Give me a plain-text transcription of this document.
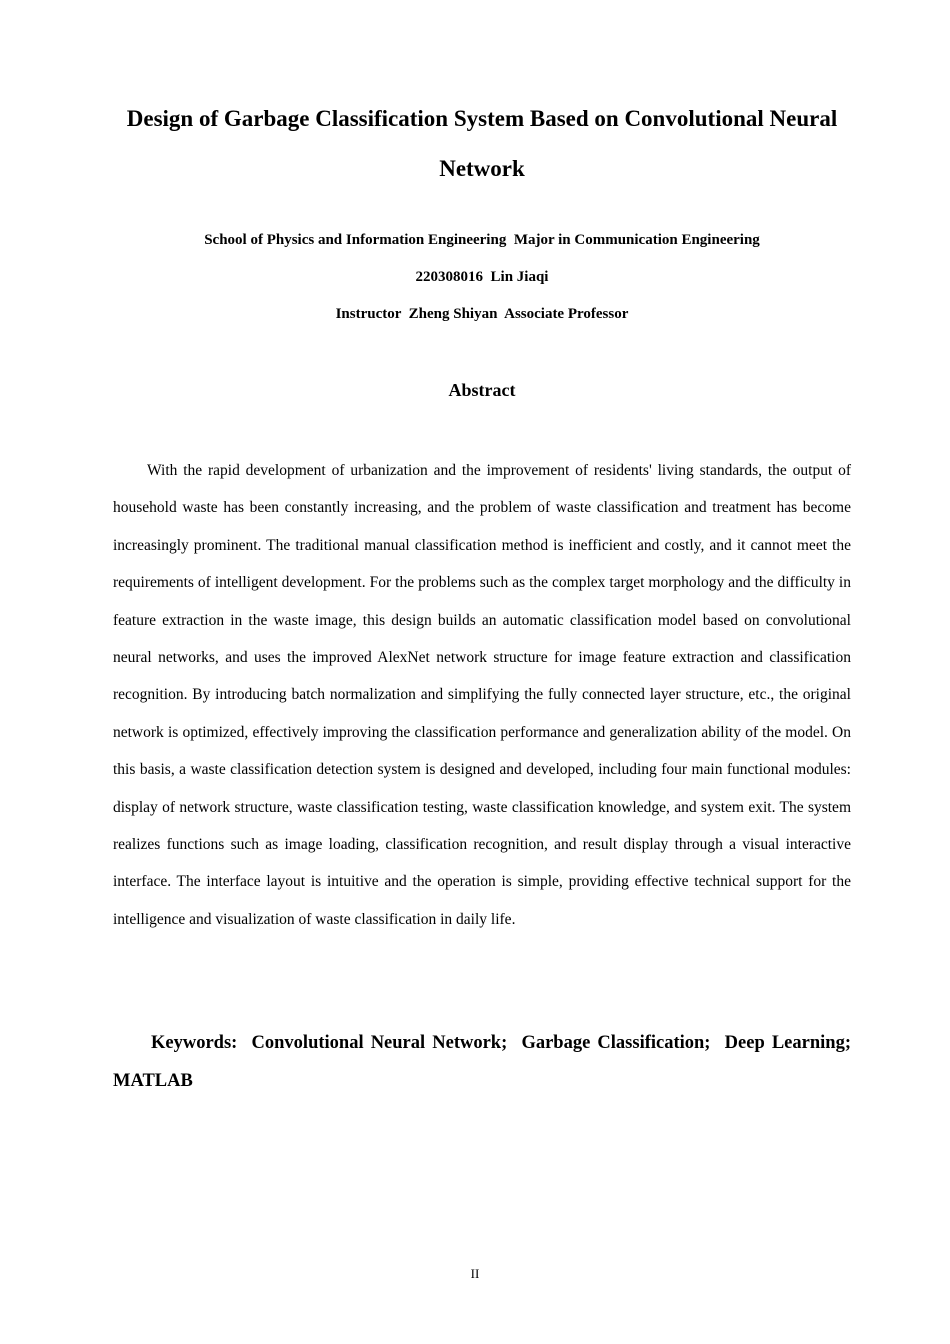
Design of Garbage Classification System Based on Convolutional Neural Network
School of Physics and Information Engineering  Major in Communication Engineering
220308016  Lin Jiaqi
Instructor  Zheng Shiyan  Associate Professor
Abstract

With the rapid development of urbanization and the improvement of residents' living standards, the output of household waste has been constantly increasing, and the problem of waste classification and treatment has become increasingly prominent. The traditional manual classification method is inefficient and costly, and it cannot meet the requirements of intelligent development. For the problems such as the complex target morphology and the difficulty in feature extraction in the waste image, this design builds an automatic classification model based on convolutional neural networks, and uses the improved AlexNet network structure for image feature extraction and classification recognition. By introducing batch normalization and simplifying the fully connected layer structure, etc., the original network is optimized, effectively improving the classification performance and generalization ability of the model. On this basis, a waste classification detection system is designed and developed, including four main functional modules: display of network structure, waste classification testing, waste classification knowledge, and system exit. The system realizes functions such as image loading, classification recognition, and result display through a visual interactive interface. The interface layout is intuitive and the operation is simple, providing effective technical support for the intelligence and visualization of waste classification in daily life.

Keywords:  Convolutional Neural Network;  Garbage Classification;  Deep Learning;  MATLAB

II
